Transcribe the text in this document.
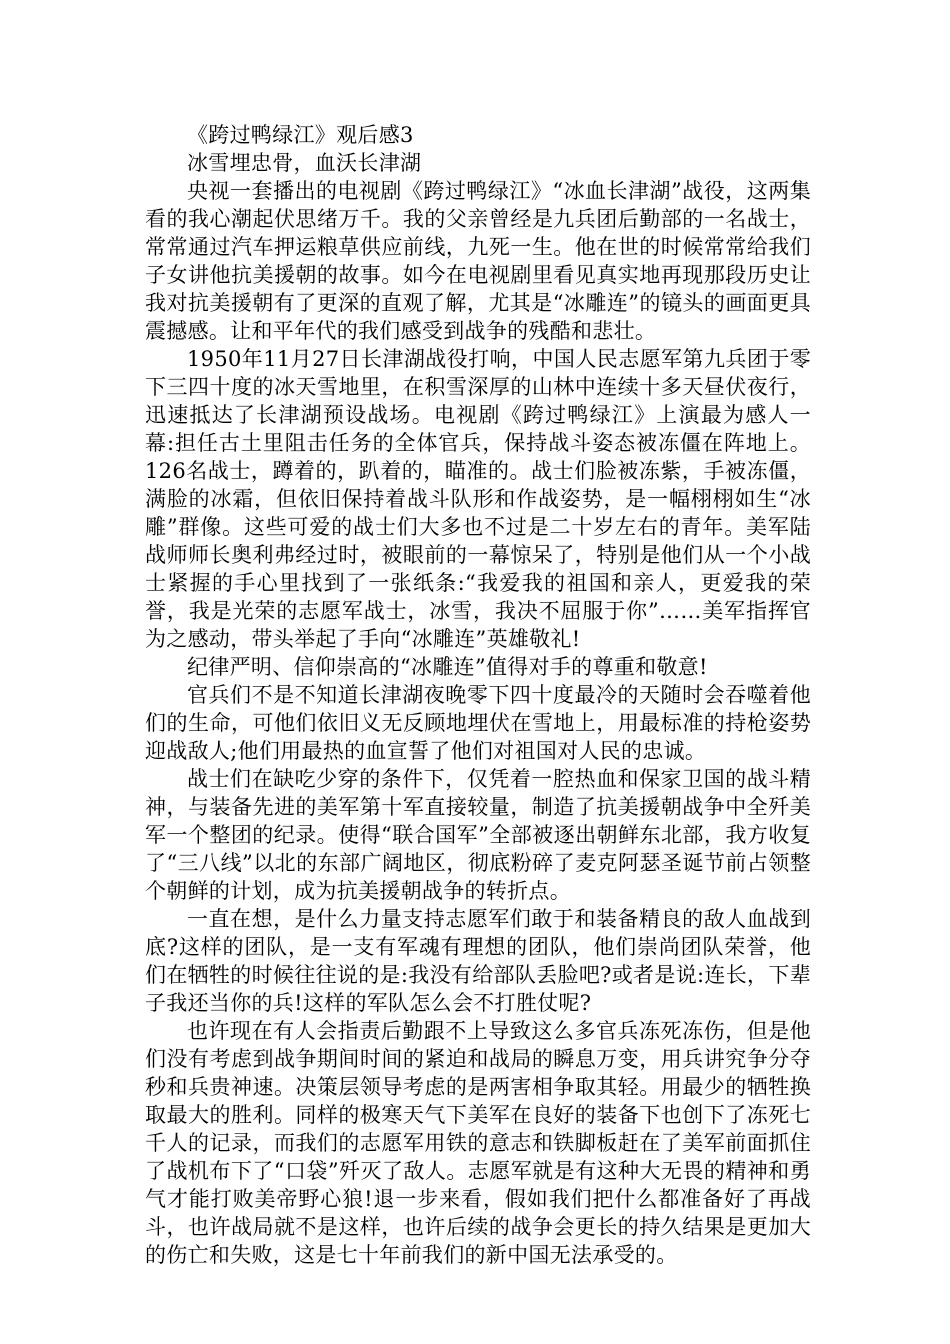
《跨过鸭绿江》观后感3

冰雪埋忠骨，血沃长津湖

央视一套播出的电视剧《跨过鸭绿江》“冰血长津湖”战役，这两集看的我心潮起伏思绪万千。我的父亲曾经是九兵团后勤部的一名战士，常常通过汽车押运粮草供应前线，九死一生。他在世的时候常常给我们子女讲他抗美援朝的故事。如今在电视剧里看见真实地再现那段历史让我对抗美援朝有了更深的直观了解，尤其是“冰雕连”的镜头的画面更具震撼感。让和平年代的我们感受到战争的残酷和悲壮。

1950年11月27日长津湖战役打响，中国人民志愿军第九兵团于零下三四十度的冰天雪地里，在积雪深厚的山林中连续十多天昼伏夜行，迅速抵达了长津湖预设战场。电视剧《跨过鸭绿江》上演最为感人一幕:担任古土里阻击任务的全体官兵，保持战斗姿态被冻僵在阵地上。126名战士，蹲着的，趴着的，瞄准的。战士们脸被冻紫，手被冻僵，满脸的冰霜，但依旧保持着战斗队形和作战姿势，是一幅栩栩如生“冰雕”群像。这些可爱的战士们大多也不过是二十岁左右的青年。美军陆战师师长奥利弗经过时，被眼前的一幕惊呆了，特别是他们从一个小战士紧握的手心里找到了一张纸条:“我爱我的祖国和亲人，更爱我的荣誉，我是光荣的志愿军战士，冰雪，我决不屈服于你”……美军指挥官为之感动，带头举起了手向“冰雕连”英雄敬礼!

纪律严明、信仰崇高的“冰雕连”值得对手的尊重和敬意!

官兵们不是不知道长津湖夜晚零下四十度最冷的天随时会吞噬着他们的生命，可他们依旧义无反顾地埋伏在雪地上，用最标准的持枪姿势迎战敌人;他们用最热的血宣誓了他们对祖国对人民的忠诚。

战士们在缺吃少穿的条件下，仅凭着一腔热血和保家卫国的战斗精神，与装备先进的美军第十军直接较量，制造了抗美援朝战争中全歼美军一个整团的纪录。使得“联合国军”全部被逐出朝鲜东北部，我方收复了“三八线”以北的东部广阔地区，彻底粉碎了麦克阿瑟圣诞节前占领整个朝鲜的计划，成为抗美援朝战争的转折点。

一直在想，是什么力量支持志愿军们敢于和装备精良的敌人血战到底?这样的团队，是一支有军魂有理想的团队，他们崇尚团队荣誉，他们在牺牲的时候往往说的是:我没有给部队丢脸吧?或者是说:连长，下辈子我还当你的兵!这样的军队怎么会不打胜仗呢?

也许现在有人会指责后勤跟不上导致这么多官兵冻死冻伤，但是他们没有考虑到战争期间时间的紧迫和战局的瞬息万变，用兵讲究争分夺秒和兵贵神速。决策层领导考虑的是两害相争取其轻。用最少的牺牲换取最大的胜利。同样的极寒天气下美军在良好的装备下也创下了冻死七千人的记录，而我们的志愿军用铁的意志和铁脚板赶在了美军前面抓住了战机布下了“口袋”歼灭了敌人。志愿军就是有这种大无畏的精神和勇气才能打败美帝野心狼!退一步来看，假如我们把什么都准备好了再战斗，也许战局就不是这样，也许后续的战争会更长的持久结果是更加大的伤亡和失败，这是七十年前我们的新中国无法承受的。
